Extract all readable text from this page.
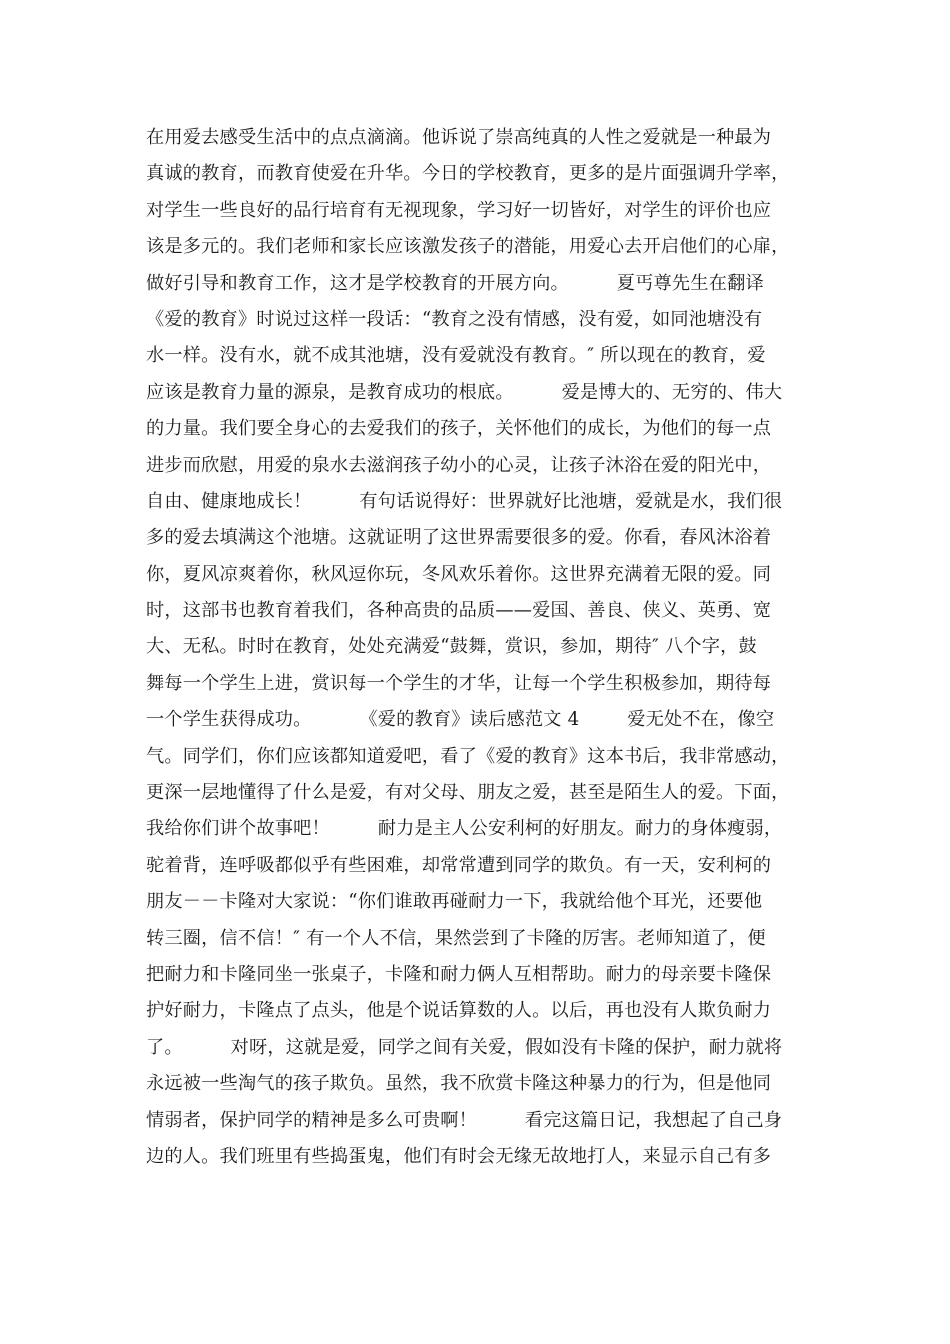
在用爱去感受生活中的点点滴滴。他诉说了崇高纯真的人性之爱就是一种最为
真诚的教育，而教育使爱在升华。今日的学校教育，更多的是片面强调升学率，
对学生一些良好的品行培育有无视现象，学习好一切皆好，对学生的评价也应
该是多元的。我们老师和家长应该激发孩子的潜能，用爱心去开启他们的心扉，
做好引导和教育工作，这才是学校教育的开展方向。        夏丐尊先生在翻译
《爱的教育》时说过这样一段话：“教育之没有情感，没有爱，如同池塘没有
水一样。没有水，就不成其池塘，没有爱就没有教育。″ 所以现在的教育，爱
应该是教育力量的源泉，是教育成功的根底。        爱是博大的、无穷的、伟大
的力量。我们要全身心的去爱我们的孩子，关怀他们的成长，为他们的每一点
进步而欣慰，用爱的泉水去滋润孩子幼小的心灵，让孩子沐浴在爱的阳光中，
自由、健康地成长！        有句话说得好：世界就好比池塘，爱就是水，我们很
多的爱去填满这个池塘。这就证明了这世界需要很多的爱。你看，春风沐浴着
你，夏风凉爽着你，秋风逗你玩，冬风欢乐着你。这世界充满着无限的爱。同
时，这部书也教育着我们，各种高贵的品质——爱国、善良、侠义、英勇、宽
大、无私。时时在教育，处处充满爱“鼓舞，赏识，参加，期待″ 八个字，鼓
舞每一个学生上进，赏识每一个学生的才华，让每一个学生积极参加，期待每
一个学生获得成功。        《爱的教育》读后感范文 4        爱无处不在，像空
气。同学们，你们应该都知道爱吧，看了《爱的教育》这本书后，我非常感动，
更深一层地懂得了什么是爱，有对父母、朋友之爱，甚至是陌生人的爱。下面，
我给你们讲个故事吧！        耐力是主人公安利柯的好朋友。耐力的身体瘦弱，
驼着背，连呼吸都似乎有些困难，却常常遭到同学的欺负。有一天，安利柯的
朋友－－卡隆对大家说：“你们谁敢再碰耐力一下，我就给他个耳光，还要他
转三圈，信不信！″ 有一个人不信，果然尝到了卡隆的厉害。老师知道了，便
把耐力和卡隆同坐一张桌子，卡隆和耐力俩人互相帮助。耐力的母亲要卡隆保
护好耐力，卡隆点了点头，他是个说话算数的人。以后，再也没有人欺负耐力
了。        对呀，这就是爱，同学之间有关爱，假如没有卡隆的保护，耐力就将
永远被一些淘气的孩子欺负。虽然，我不欣赏卡隆这种暴力的行为，但是他同
情弱者，保护同学的精神是多么可贵啊！        看完这篇日记，我想起了自己身
边的人。我们班里有些捣蛋鬼，他们有时会无缘无故地打人，来显示自己有多
